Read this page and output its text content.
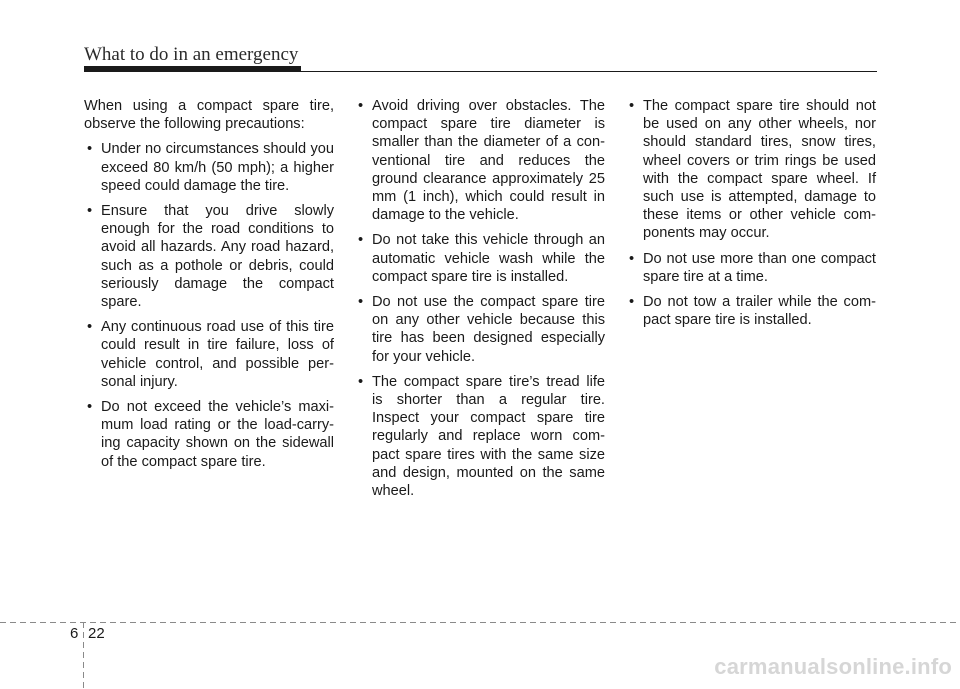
What to do in an emergency

When using a compact spare tire, observe the following precautions:

• Under no circumstances should you exceed 80 km/h (50 mph); a higher speed could damage the tire.
• Ensure that you drive slowly enough for the road conditions to avoid all hazards. Any road hazard, such as a pothole or debris, could seriously damage the compact spare.
• Any continuous road use of this tire could result in tire failure, loss of vehicle control, and possible per-sonal injury.
• Do not exceed the vehicle’s maxi-mum load rating or the load-carry-ing capacity shown on the sidewall of the compact spare tire.
• Avoid driving over obstacles. The compact spare tire diameter is smaller than the diameter of a con-ventional tire and reduces the ground clearance approximately 25 mm (1 inch), which could result in damage to the vehicle.
• Do not take this vehicle through an automatic vehicle wash while the compact spare tire is installed.
• Do not use the compact spare tire on any other vehicle because this tire has been designed especially for your vehicle.
• The compact spare tire’s tread life is shorter than a regular tire. Inspect your compact spare tire regularly and replace worn com-pact spare tires with the same size and design, mounted on the same wheel.
• The compact spare tire should not be used on any other wheels, nor should standard tires, snow tires, wheel covers or trim rings be used with the compact spare wheel. If such use is attempted, damage to these items or other vehicle com-ponents may occur.
• Do not use more than one compact spare tire at a time.
• Do not tow a trailer while the com-pact spare tire is installed.
6 22
carmanualsonline.info
